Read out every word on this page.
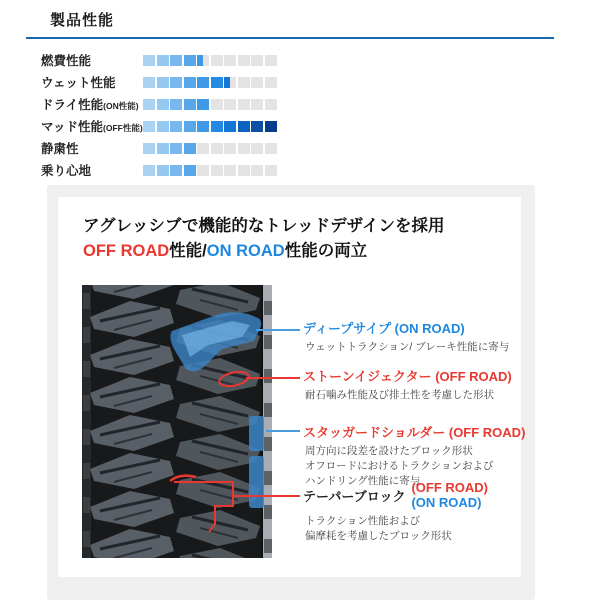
製品性能
燃費性能
ウェット性能
ドライ性能(ON性能)
マッド性能(OFF性能)
静粛性
乗り心地
アグレッシブで機能的なトレッドデザインを採用
OFF ROAD性能/ON ROAD性能の両立
ディープサイプ (ON ROAD)
ウェットトラクション/ ブレーキ性能に寄与
ストーンイジェクター (OFF ROAD)
耐石噛み性能及び排土性を考慮した形状
スタッガードショルダー (OFF ROAD)
周方向に段差を設けたブロック形状
オフロードにおけるトラクションおよび
ハンドリング性能に寄与
テーパーブロック
(OFF ROAD)
(ON ROAD)
トラクション性能および
偏摩耗を考慮したブロック形状
